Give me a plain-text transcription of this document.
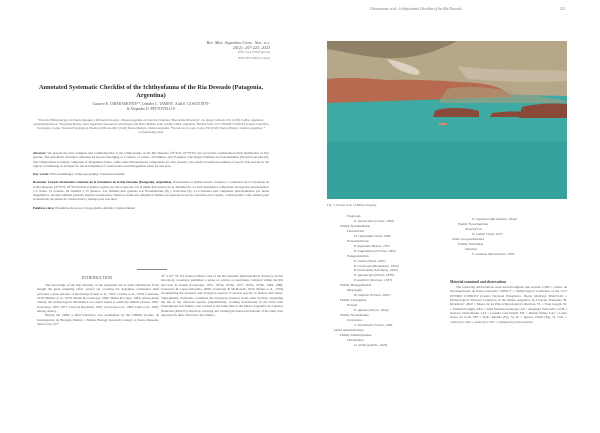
Chiaramonte et al.: Ichthyofaunal Checklist of the Ría Deseado	211
Rev. Mus. Argentino Cienc. Nat., n.s.
25(2): 207-223, 2023
ISSN 1514-5158 (impresa)
ISSN 1853-0400 (en línea)
Annotated Systematic Checklist of the Ichthyofauna of the Ría Deseado (Patagonia, Argentina)
Gustavo E. CHIARAMONTE¹*, Leandro L. TAMINI², Atila E. GOSZTONYI³
& Alejandro D. PETTOVELLO⁴
¹Estación Hidrobiológica de Puerto Quequén y División Ictiología - Museo Argentino de Ciencias Naturales "Bernardino Rivadavia". Av. Ángel Gallardo 470, (1405) CABA, Argentina; gchiaram@retina.ar. ²Programa Marino, Aves Argentinas/Asociación Ornitológica del Plata. Matheu 1246, (1249) CABA, Argentina. ³Retired from CCT CENPAT CONICET (Centro Científico Tecnológico Centro Nacional Patagónico). Boulevard Brown 2915 (9120) Puerto Madryn, Chubut Argentina. ⁴Escuela de la Costa, Colon 332 (9120) Puerto Madryn, Chubut, Argentina. * Corresponding autor
Abstract: We present the first complete and commented list of the ichthyofauna of the Ría Deseado (47°45'S, 65°55'W) and record the southernmost limit distribution of five species. The systematic checklist comprises 44 species belonging to 4 classes, 15 orders, 26 families, and 35 genera. The largest Families are Nototheniidae (8) and Zoarcidae (6). The ichthyofauna is mainly composed of Magellanic fauna, while some Bonaerensean components are also present. Our results broaden the number of known fish species in the region, contributing as an input for the development of conservation and management plans for this area.
Key words: Fish assemblages, ichthyogeography, Southwest Atlantic
Resumen: Listado Sistemático Anotado de la Ictiofauna de la Ría Deseado (Patagonia, Argentina). Presentamos el primer listado completo y comentado de la ictiofauna de la Ría Deseado (47°45'S, 65°55'W) más el primer registro de cinco especies con el límite más austral de su distribución. La lista sistemática comprende 44 especies pertenecientes a 4 clases, 15 órdenes, 26 familias y 35 géneros. Las familias más grandes son Nototheniidae (8) y Zoarcidae (6). La ictiofauna está compuesta principalmente por fauna magallánica, estando también presente algunas bonaerenses. Nuestros resultados amplían el número de especies de peces conocidas en la región, contribuyendo como insumo para el desarrollo de planes de conservación y manejo para esta área.
Palabras clave: Ensambles de peces, ictiogeografía, Atlántico Sudoccidental
INTRODUCTION

The knowledge of the fish diversity of the Argentine Sea is quite unbalanced. Even though the great sampling effort carried out covering the Argentine continental shelf provided a great amount of knowledge (Gneri et al., 1967; Cotrina et al., 1976; Cousseau, 1978; Bellisio et al., 1979; Menni & Gosztonyi, 1982; Menni & López, 1984; among many others), the ichthyological information on coastal waters is relatively limited (Ansen, 1967; Gosztonyi, 1972, 1977; Lloris & Rucabado, 1991; Ciccarone et al., 1993; Caille et al., 1995; among others).

During the 1980s a field laboratory was established by the CIBMA (Centro de Investigación de Biología Marina = Marine Biology Research Center) at Puerto Deseado, Santa Cruz, (47°

45' S, 65° 55' W) in the northern coast of the Ría Deseado (Deseado River Estuary). In this laboratory, Gosztonyi published a series of articles on specimens collected within the Ría and near its mouth (Gosztonyi, 1972, 1974a, 1974b, 1977, 1979a, 1979b, 1984, 1988; Gosztonyi & López-Arbarello, 2000; Gosztonyi & McDowall, 1974; Menni et al., 1979) documenting the presence and biological aspects of several species of inshore fish fauna. Subsequently, Pettovello continued the biological research in the same locality, expanding the list of the observed species (unpublished), working periodically in the field with Chiaramonte and Tamini, who worked at the same time at the Museo Argentino de Ciencias Naturales (MACN) collection, rescuing and curating the historical material of the study area deposited in there. However, the ichthyo-

Fig. 3. Partial view of Bahía Uruguay
Eleginops
E. maclovinus (Cuvier, 1830)
Family Nototheniidae
Dissostichus
D. eleginoides Smitt, 1898
Paranotothenia
P. angustata Hutton, 1875
P. magellanica (Forster, 1801)
Patagonotothen
P. canina (Smitt, 1897)
P. cornucola (Richardson, 1844)
P. brevicauda (Lönnberg, 1905)
P. squamiceps (Peters, 1876)
P. guntheri (Norman, 1937)
Family Harpagiferidae
Harpagifer
H. bispinis (Forster, 1801)
Family Carangidae
Parona
P. signata (Jenyns, 1842)
Family Stromateidae
Stromateus
S. brasiliensis Fowler, 1906
Order Atheriniformes
Family Atherinopsidae
Odontesthes
O. smitti (Lahille, 1929)
O. nigricans (Richardson, 1844)
Family Notocheiridae
Notocheirus
N. hubbsi Clark, 1937
Order Scorpaeniformes
Family Sebastidae
Sebastes
S. oculatus Valenciennes, 1833
Material examined and observations

The following abbreviations were used throughout this section: CIPD = Centro de Investigaciones de Puerto Deseado. CNPICT = Ichthyological Collection of the CCT CENPAT CONICET (Centro Nacional Patagónico, Puerto Madryn). MACN-Ict = Ichthyological National Collection of the Museo Argentino de Ciencias Naturales "B. Rivadavia". MLP = Museo de La Plata ichthyological collection. TL = Total Length. SL = Standard Length. AEG = Atila Esteban Gosztonyi. AP = Alejandro Pettovello. GCH = Gustavo Chiaramonte. LLT = Leandro Luis Tamini. MT = Marian Tamar. LAC = Laura Asseo de Coch. PM = Pedro Medina (Fig. 5). IZ = Ignacio Zisich (Fig. 5). Coll. = collector/s. Obs = observer/s. H/L = captured by hook and line.
